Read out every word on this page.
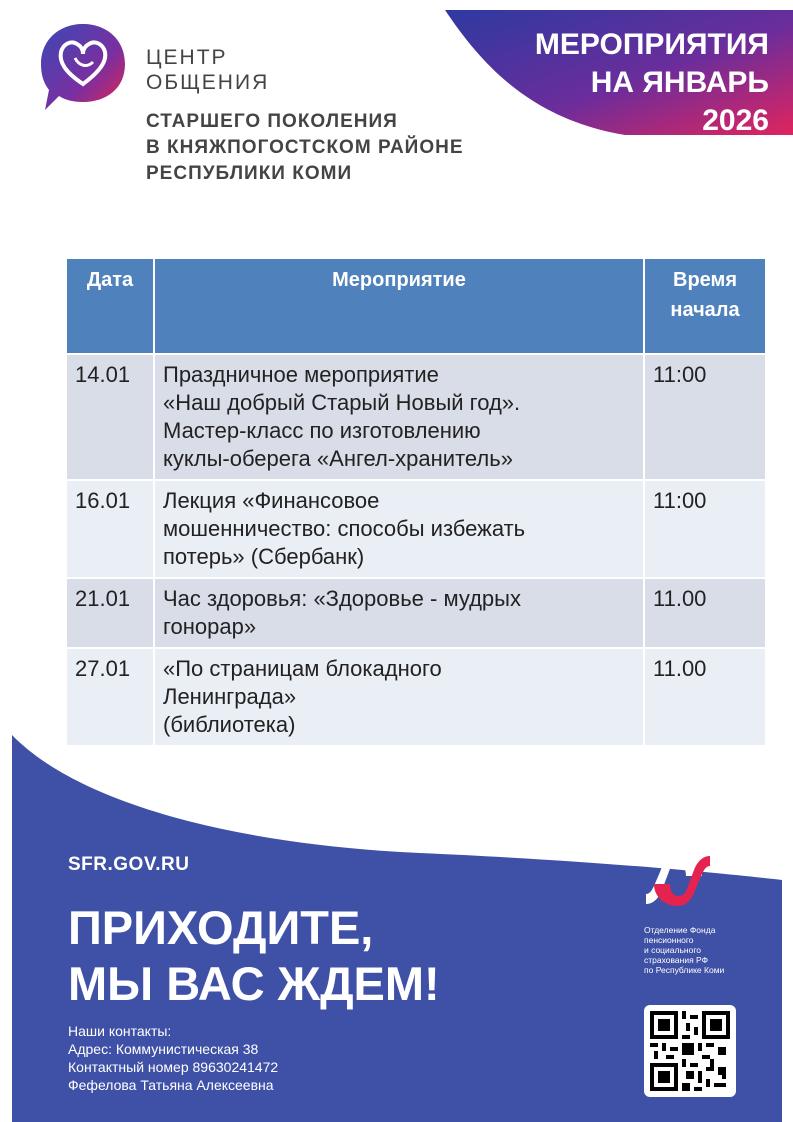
МЕРОПРИЯТИЯ
НА ЯНВАРЬ
2026
ЦЕНТР
ОБЩЕНИЯ
СТАРШЕГО ПОКОЛЕНИЯ
В КНЯЖПОГОСТСКОМ РАЙОНЕ
РЕСПУБЛИКИ КОМИ
Дата	Мероприятие	Время
начала

14.01	Праздничное мероприятие
«Наш добрый Старый Новый год».
Мастер-класс по изготовлению
куклы-оберега «Ангел-хранитель»	11:00
16.01	Лекция «Финансовое
мошенничество: способы избежать
потерь» (Сбербанк)	11:00
21.01	Час здоровья: «Здоровье - мудрых
гонорар»	11.00
27.01	«По страницам блокадного
Ленинграда»
(библиотека)	11.00
SFR.GOV.RU
ПРИХОДИТЕ,
МЫ ВАС ЖДЕМ!
Наши контакты:
Адрес: Коммунистическая 38
Контактный номер 89630241472
Фефелова Татьяна Алексеевна
Отделение Фонда
пенсионного
и социального
страхования РФ
по Республике Коми
